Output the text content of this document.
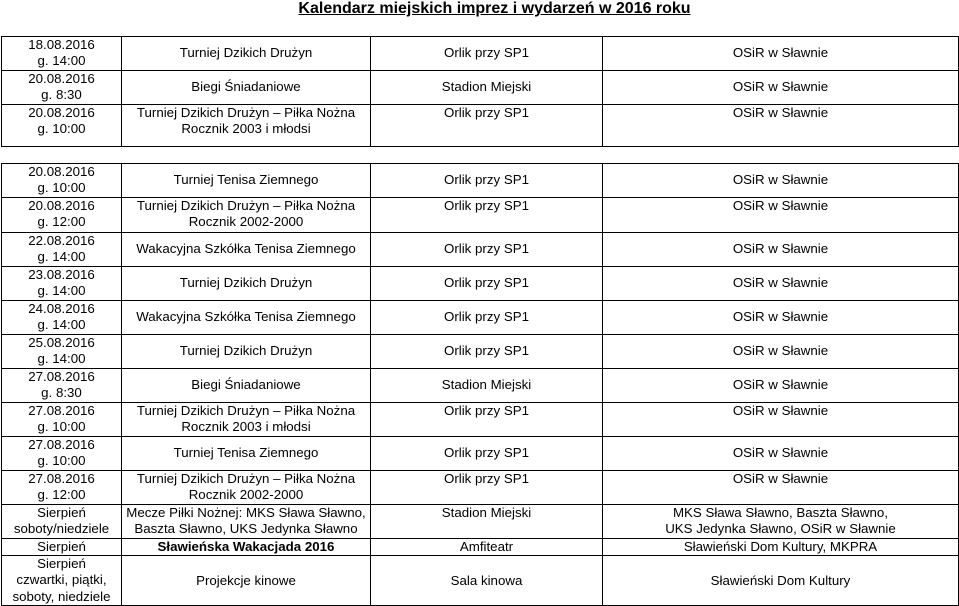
Kalendarz miejskich imprez i wydarzeń w 2016 roku
18.08.2016
g. 14:00	Turniej Dzikich Drużyn	Orlik przy SP1	OSiR w Sławnie

20.08.2016
g. 8:30	Biegi Śniadaniowe	Stadion Miejski	OSiR w Sławnie

20.08.2016
g. 10:00	Turniej Dzikich Drużyn – Piłka Nożna
Rocznik 2003 i młodsi	Orlik przy SP1	OSiR w Sławnie

20.08.2016
g. 10:00	Turniej Tenisa Ziemnego	Orlik przy SP1	OSiR w Sławnie

20.08.2016
g. 12:00	Turniej Dzikich Drużyn – Piłka Nożna
Rocznik 2002-2000	Orlik przy SP1	OSiR w Sławnie

22.08.2016
g. 14:00	Wakacyjna Szkółka Tenisa Ziemnego	Orlik przy SP1	OSiR w Sławnie

23.08.2016
g. 14:00	Turniej Dzikich Drużyn	Orlik przy SP1	OSiR w Sławnie

24.08.2016
g. 14:00	Wakacyjna Szkółka Tenisa Ziemnego	Orlik przy SP1	OSiR w Sławnie

25.08.2016
g. 14:00	Turniej Dzikich Drużyn	Orlik przy SP1	OSiR w Sławnie

27.08.2016
g. 8:30	Biegi Śniadaniowe	Stadion Miejski	OSiR w Sławnie

27.08.2016
g. 10:00	Turniej Dzikich Drużyn – Piłka Nożna
Rocznik 2003 i młodsi	Orlik przy SP1	OSiR w Sławnie

27.08.2016
g. 10:00	Turniej Tenisa Ziemnego	Orlik przy SP1	OSiR w Sławnie

27.08.2016
g. 12:00	Turniej Dzikich Drużyn – Piłka Nożna
Rocznik 2002-2000	Orlik przy SP1	OSiR w Sławnie

Sierpień
soboty/niedziele	Mecze Piłki Nożnej: MKS Sława Sławno,
Baszta Sławno, UKS Jedynka Sławno	Stadion Miejski	MKS Sława Sławno, Baszta Sławno,
UKS Jedynka Sławno, OSiR w Sławnie

Sierpień	Sławieńska Wakacjada 2016	Amfiteatr	Sławieński Dom Kultury, MKPRA

Sierpień
czwartki, piątki,
soboty, niedziele	Projekcje kinowe	Sala kinowa	Sławieński Dom Kultury
